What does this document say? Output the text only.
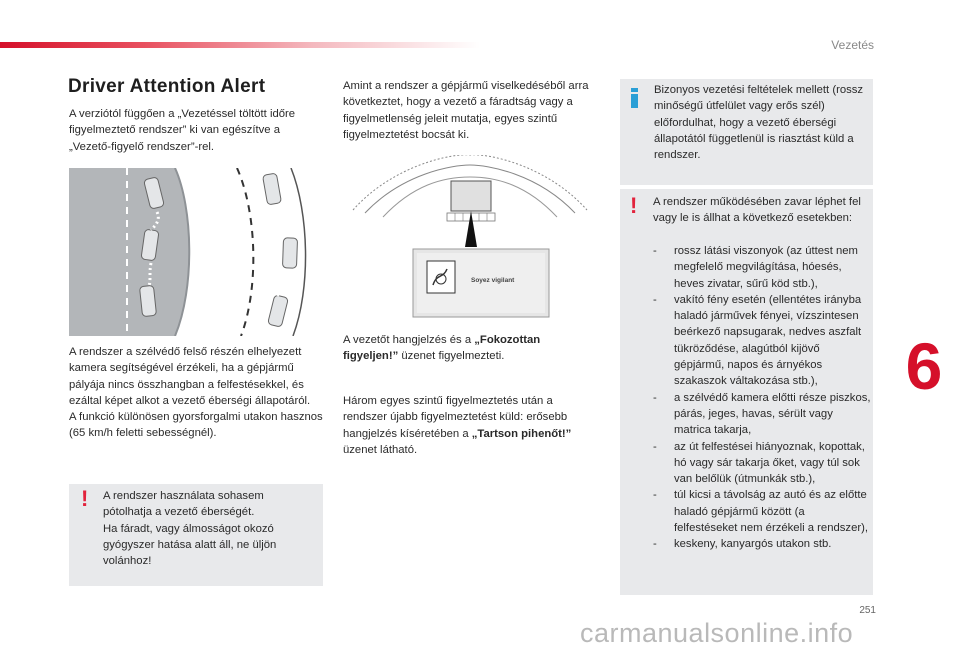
Vezetés
6
251
Driver Attention Alert

A verziótól függően a „Vezetéssel töltött időre figyelmeztető rendszer” ki van egészítve a „Vezető-figyelő rendszer”-rel.

A rendszer a szélvédő felső részén elhelyezett kamera segítségével érzékeli, ha a gépjármű pályája nincs összhangban a felfestésekkel, és ezáltal képet alkot a vezető éberségi állapotáról.
A funkció különösen gyorsforgalmi utakon hasznos (65 km/h feletti sebességnél).

! A rendszer használata sohasem pótolhatja a vezető éberségét.
Ha fáradt, vagy álmosságot okozó gyógyszer hatása alatt áll, ne üljön volánhoz!

Amint a rendszer a gépjármű viselkedéséből arra következtet, hogy a vezető a fáradtság vagy a figyelmetlenség jeleit mutatja, egyes szintű figyelmeztetést bocsát ki.

Soyez vigilant

A vezetőt hangjelzés és a „Fokozottan figyeljen!” üzenet figyelmezteti.

Három egyes szintű figyelmeztetés után a rendszer újabb figyelmeztetést küld: erősebb hangjelzés kíséretében a „Tartson pihenőt!” üzenet látható.

Bizonyos vezetési feltételek mellett (rossz minőségű útfelület vagy erős szél) előfordulhat, hogy a vezető éberségi állapotától függetlenül is riasztást küld a rendszer.

! A rendszer működésében zavar léphet fel vagy le is állhat a következő esetekben:

- rossz látási viszonyok (az úttest nem megfelelő megvilágítása, hóesés, heves zivatar, sűrű köd stb.),
- vakító fény esetén (ellentétes irányba haladó járművek fényei, vízszintesen beérkező napsugarak, nedves aszfalt tükröződése, alagútból kijövő gépjármű, napos és árnyékos szakaszok váltakozása stb.),
- a szélvédő kamera előtti része piszkos, párás, jeges, havas, sérült vagy matrica takarja,
- az út felfestései hiányoznak, kopottak, hó vagy sár takarja őket, vagy túl sok van belőlük (útmunkák stb.),
- túl kicsi a távolság az autó és az előtte haladó gépjármű között (a felfestéseket nem érzékeli a rendszer),
- keskeny, kanyargós utakon stb.
carmanualsonline.info
